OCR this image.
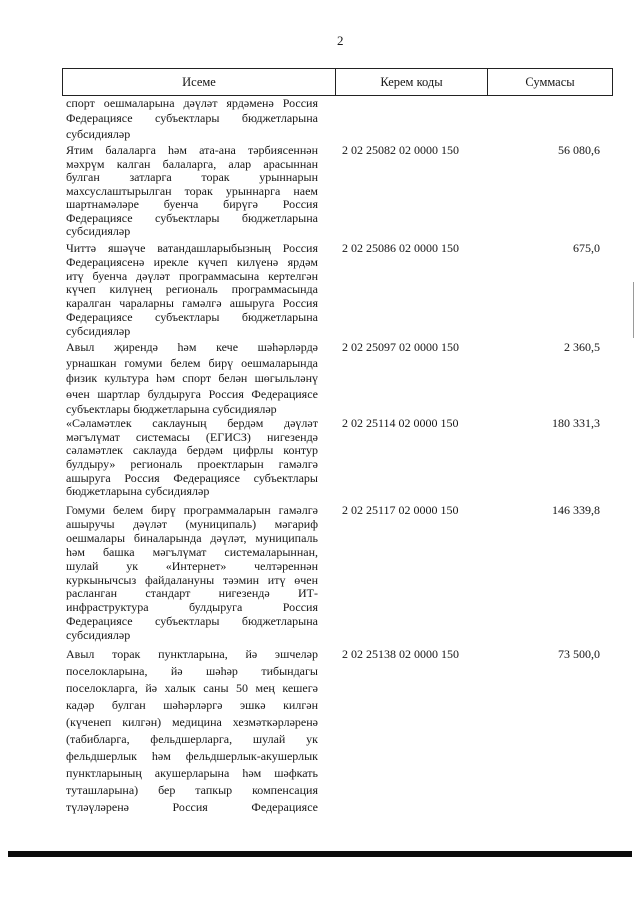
2
Исеме	Керем коды	Суммасы
спорт оешмаларына дәүләт ярдәменә Россия
Федерациясе субъектлары бюджетларына
субсидияләр
Ятим балаларга һәм ата-ана тәрбиясеннән
мәхрүм калган балаларга, алар арасыннан
булган затларга торак урыннарын
махсуслаштырылган торак урыннарга наем
шартнамәләре буенча бирүгә Россия
Федерациясе субъектлары бюджетларына
субсидияләр
2 02 25082 02 0000 150	56 080,6
Читтә яшәүче ватандашларыбызның Россия
Федерациясенә ирекле күчеп килүенә ярдәм
итү буенча дәүләт программасына кертелгән
күчеп килүнең региональ программасында
каралган чараларны гамәлгә ашыруга Россия
Федерациясе субъектлары бюджетларына
субсидияләр
2 02 25086 02 0000 150	675,0
Авыл җирендә һәм кече шәһәрләрдә
урнашкан гомуми белем бирү оешмаларында
физик культура һәм спорт белән шөгыльләнү
өчен шартлар булдыруга Россия Федерациясе
субъектлары бюджетларына субсидияләр
2 02 25097 02 0000 150	2 360,5
«Сәламәтлек саклауның бердәм дәүләт
мәгълүмат системасы (ЕГИСЗ) нигезендә
сәламәтлек саклауда бердәм цифрлы контур
булдыру» региональ проектларын гамәлгә
ашыруга Россия Федерациясе субъектлары
бюджетларына субсидияләр
2 02 25114 02 0000 150	180 331,3
Гомуми белем бирү программаларын гамәлгә
ашыручы дәүләт (муниципаль) мәгариф
оешмалары биналарында дәүләт, муниципаль
һәм башка мәгълүмат системаларыннан,
шулай ук «Интернет» челтәреннән
куркынычсыз файдалануны тәэмин итү өчен
расланган стандарт нигезендә ИТ-
инфраструктура булдыруга Россия
Федерациясе субъектлары бюджетларына
субсидияләр
2 02 25117 02 0000 150	146 339,8
Авыл торак пунктларына, йә эшчеләр
поселокларына, йә шәһәр тибындагы
поселокларга, йә халык саны 50 мең кешегә
кадәр булган шәһәрләргә эшкә килгән
(күченеп килгән) медицина хезмәткәрләренә
(табибларга, фельдшерларга, шулай ук
фельдшерлык һәм фельдшерлык-акушерлык
пунктларының акушерларына һәм шәфкать
туташларына) бер тапкыр компенсация
түләүләренә Россия Федерациясе
2 02 25138 02 0000 150	73 500,0
